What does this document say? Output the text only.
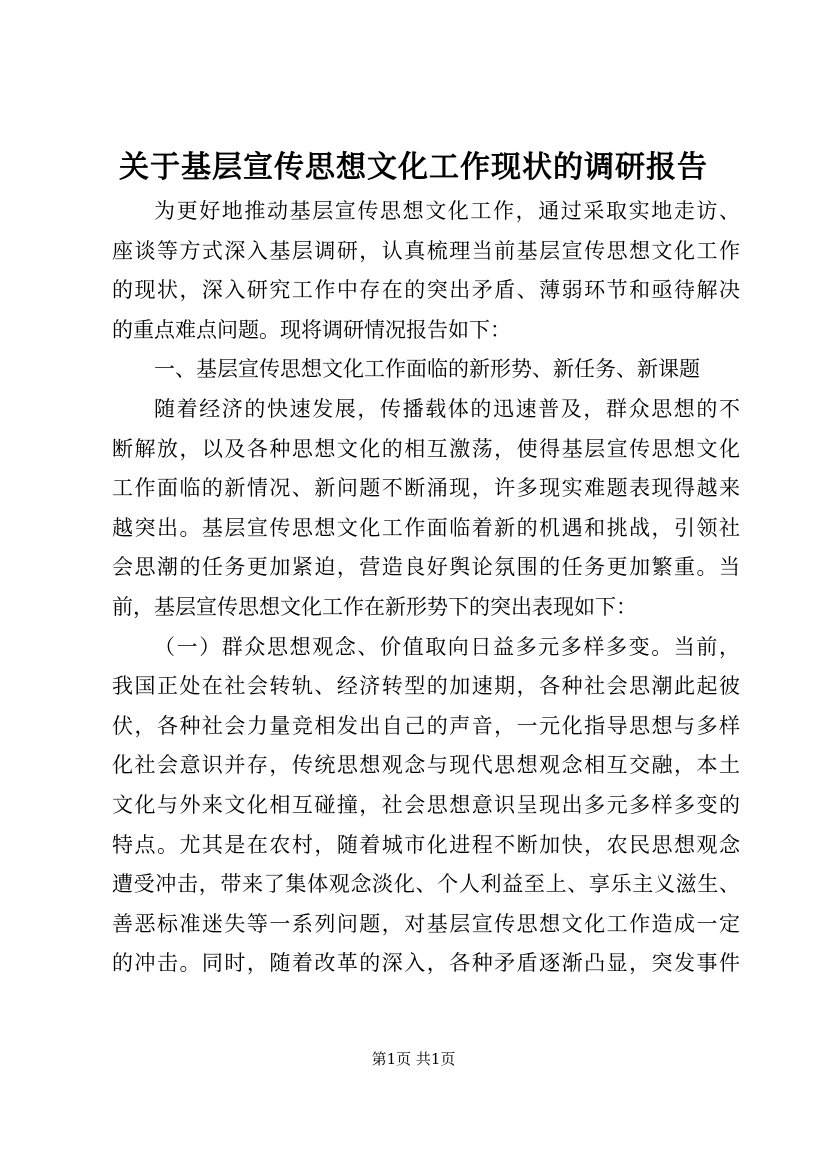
关于基层宣传思想文化工作现状的调研报告
为更好地推动基层宣传思想文化工作，通过采取实地走访、
座谈等方式深入基层调研，认真梳理当前基层宣传思想文化工作
的现状，深入研究工作中存在的突出矛盾、薄弱环节和亟待解决
的重点难点问题。现将调研情况报告如下：
一、基层宣传思想文化工作面临的新形势、新任务、新课题
随着经济的快速发展，传播载体的迅速普及，群众思想的不
断解放，以及各种思想文化的相互激荡，使得基层宣传思想文化
工作面临的新情况、新问题不断涌现，许多现实难题表现得越来
越突出。基层宣传思想文化工作面临着新的机遇和挑战，引领社
会思潮的任务更加紧迫，营造良好舆论氛围的任务更加繁重。当
前，基层宣传思想文化工作在新形势下的突出表现如下：
（一）群众思想观念、价值取向日益多元多样多变。当前，
我国正处在社会转轨、经济转型的加速期，各种社会思潮此起彼
伏，各种社会力量竞相发出自己的声音，一元化指导思想与多样
化社会意识并存，传统思想观念与现代思想观念相互交融，本土
文化与外来文化相互碰撞，社会思想意识呈现出多元多样多变的
特点。尤其是在农村，随着城市化进程不断加快，农民思想观念
遭受冲击，带来了集体观念淡化、个人利益至上、享乐主义滋生、
善恶标准迷失等一系列问题，对基层宣传思想文化工作造成一定
的冲击。同时，随着改革的深入，各种矛盾逐渐凸显，突发事件
第1页 共1页
